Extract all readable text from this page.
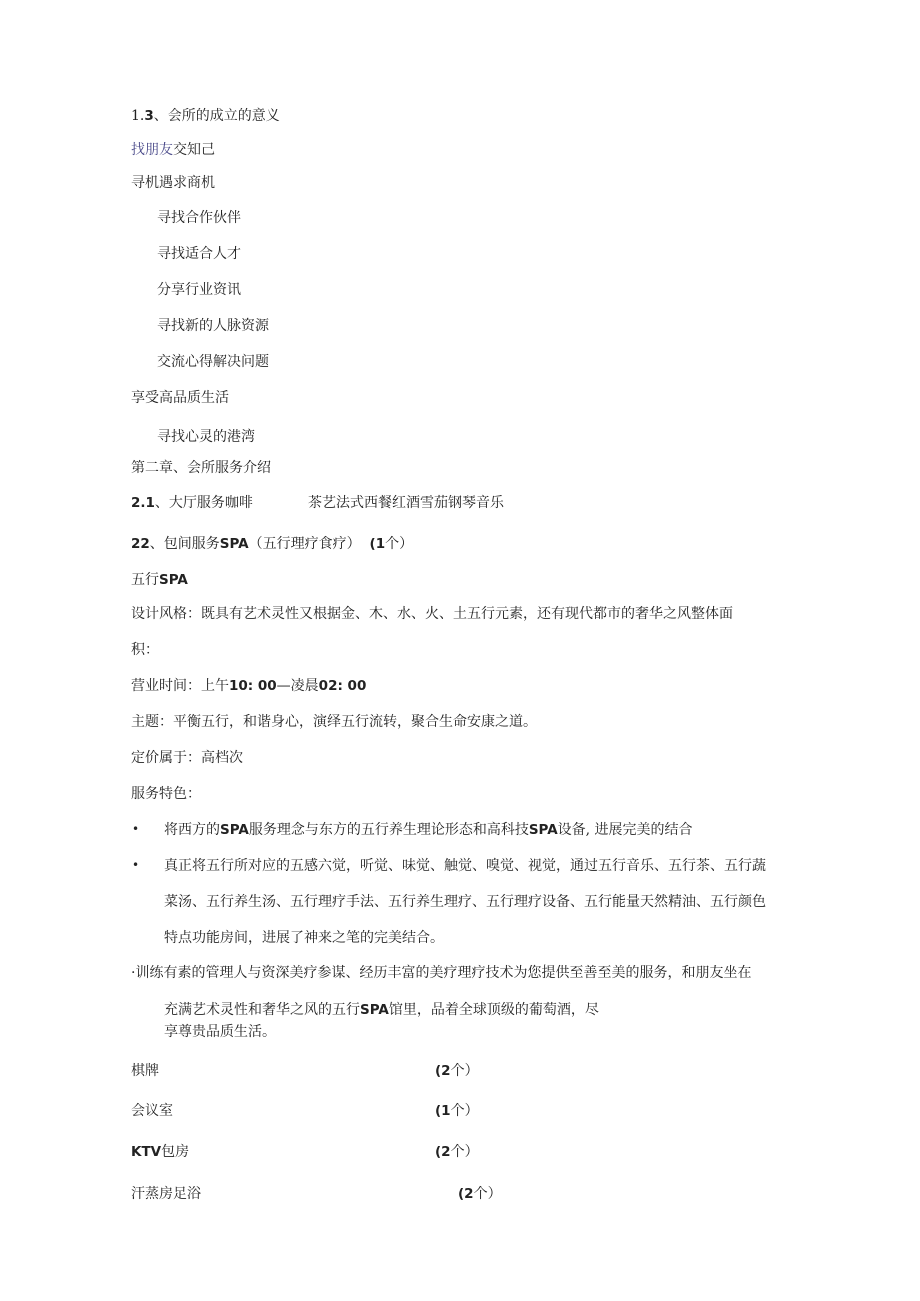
1.3、会所的成立的意义
找朋友交知己
寻机遇求商机
寻找合作伙伴
寻找适合人才
分享行业资讯
寻找新的人脉资源
交流心得解决问题
享受高品质生活
寻找心灵的港湾
第二章、会所服务介绍
2.1、大厅服务咖啡	茶艺法式西餐红酒雪茄钢琴音乐
22、包间服务SPA（五行理疗食疗） (1个）
五行SPA
设计风格：既具有艺术灵性又根据金、木、水、火、土五行元素，还有现代都市的奢华之风整体面
积：
营业时间：上午10: 00—凌晨02: 00
主题：平衡五行，和谐身心，演绎五行流转，聚合生命安康之道。
定价属于：高档次
服务特色：
• 将西方的SPA服务理念与东方的五行养生理论形态和高科技SPA设备, 进展完美的结合
• 真正将五行所对应的五感六觉，听觉、味觉、触觉、嗅觉、视觉，通过五行音乐、五行茶、五行蔬
菜汤、五行养生汤、五行理疗手法、五行养生理疗、五行理疗设备、五行能量天然精油、五行颜色
特点功能房间，进展了神来之笔的完美结合。
·训练有素的管理人与资深美疗参谋、经历丰富的美疗理疗技术为您提供至善至美的服务，和朋友坐在
充满艺术灵性和奢华之风的五行SPA馆里，品着全球顶级的葡萄酒，尽
享尊贵品质生活。
棋牌	(2个）
会议室	(1个）
KTV包房	(2个）
汗蒸房足浴	(2个）
